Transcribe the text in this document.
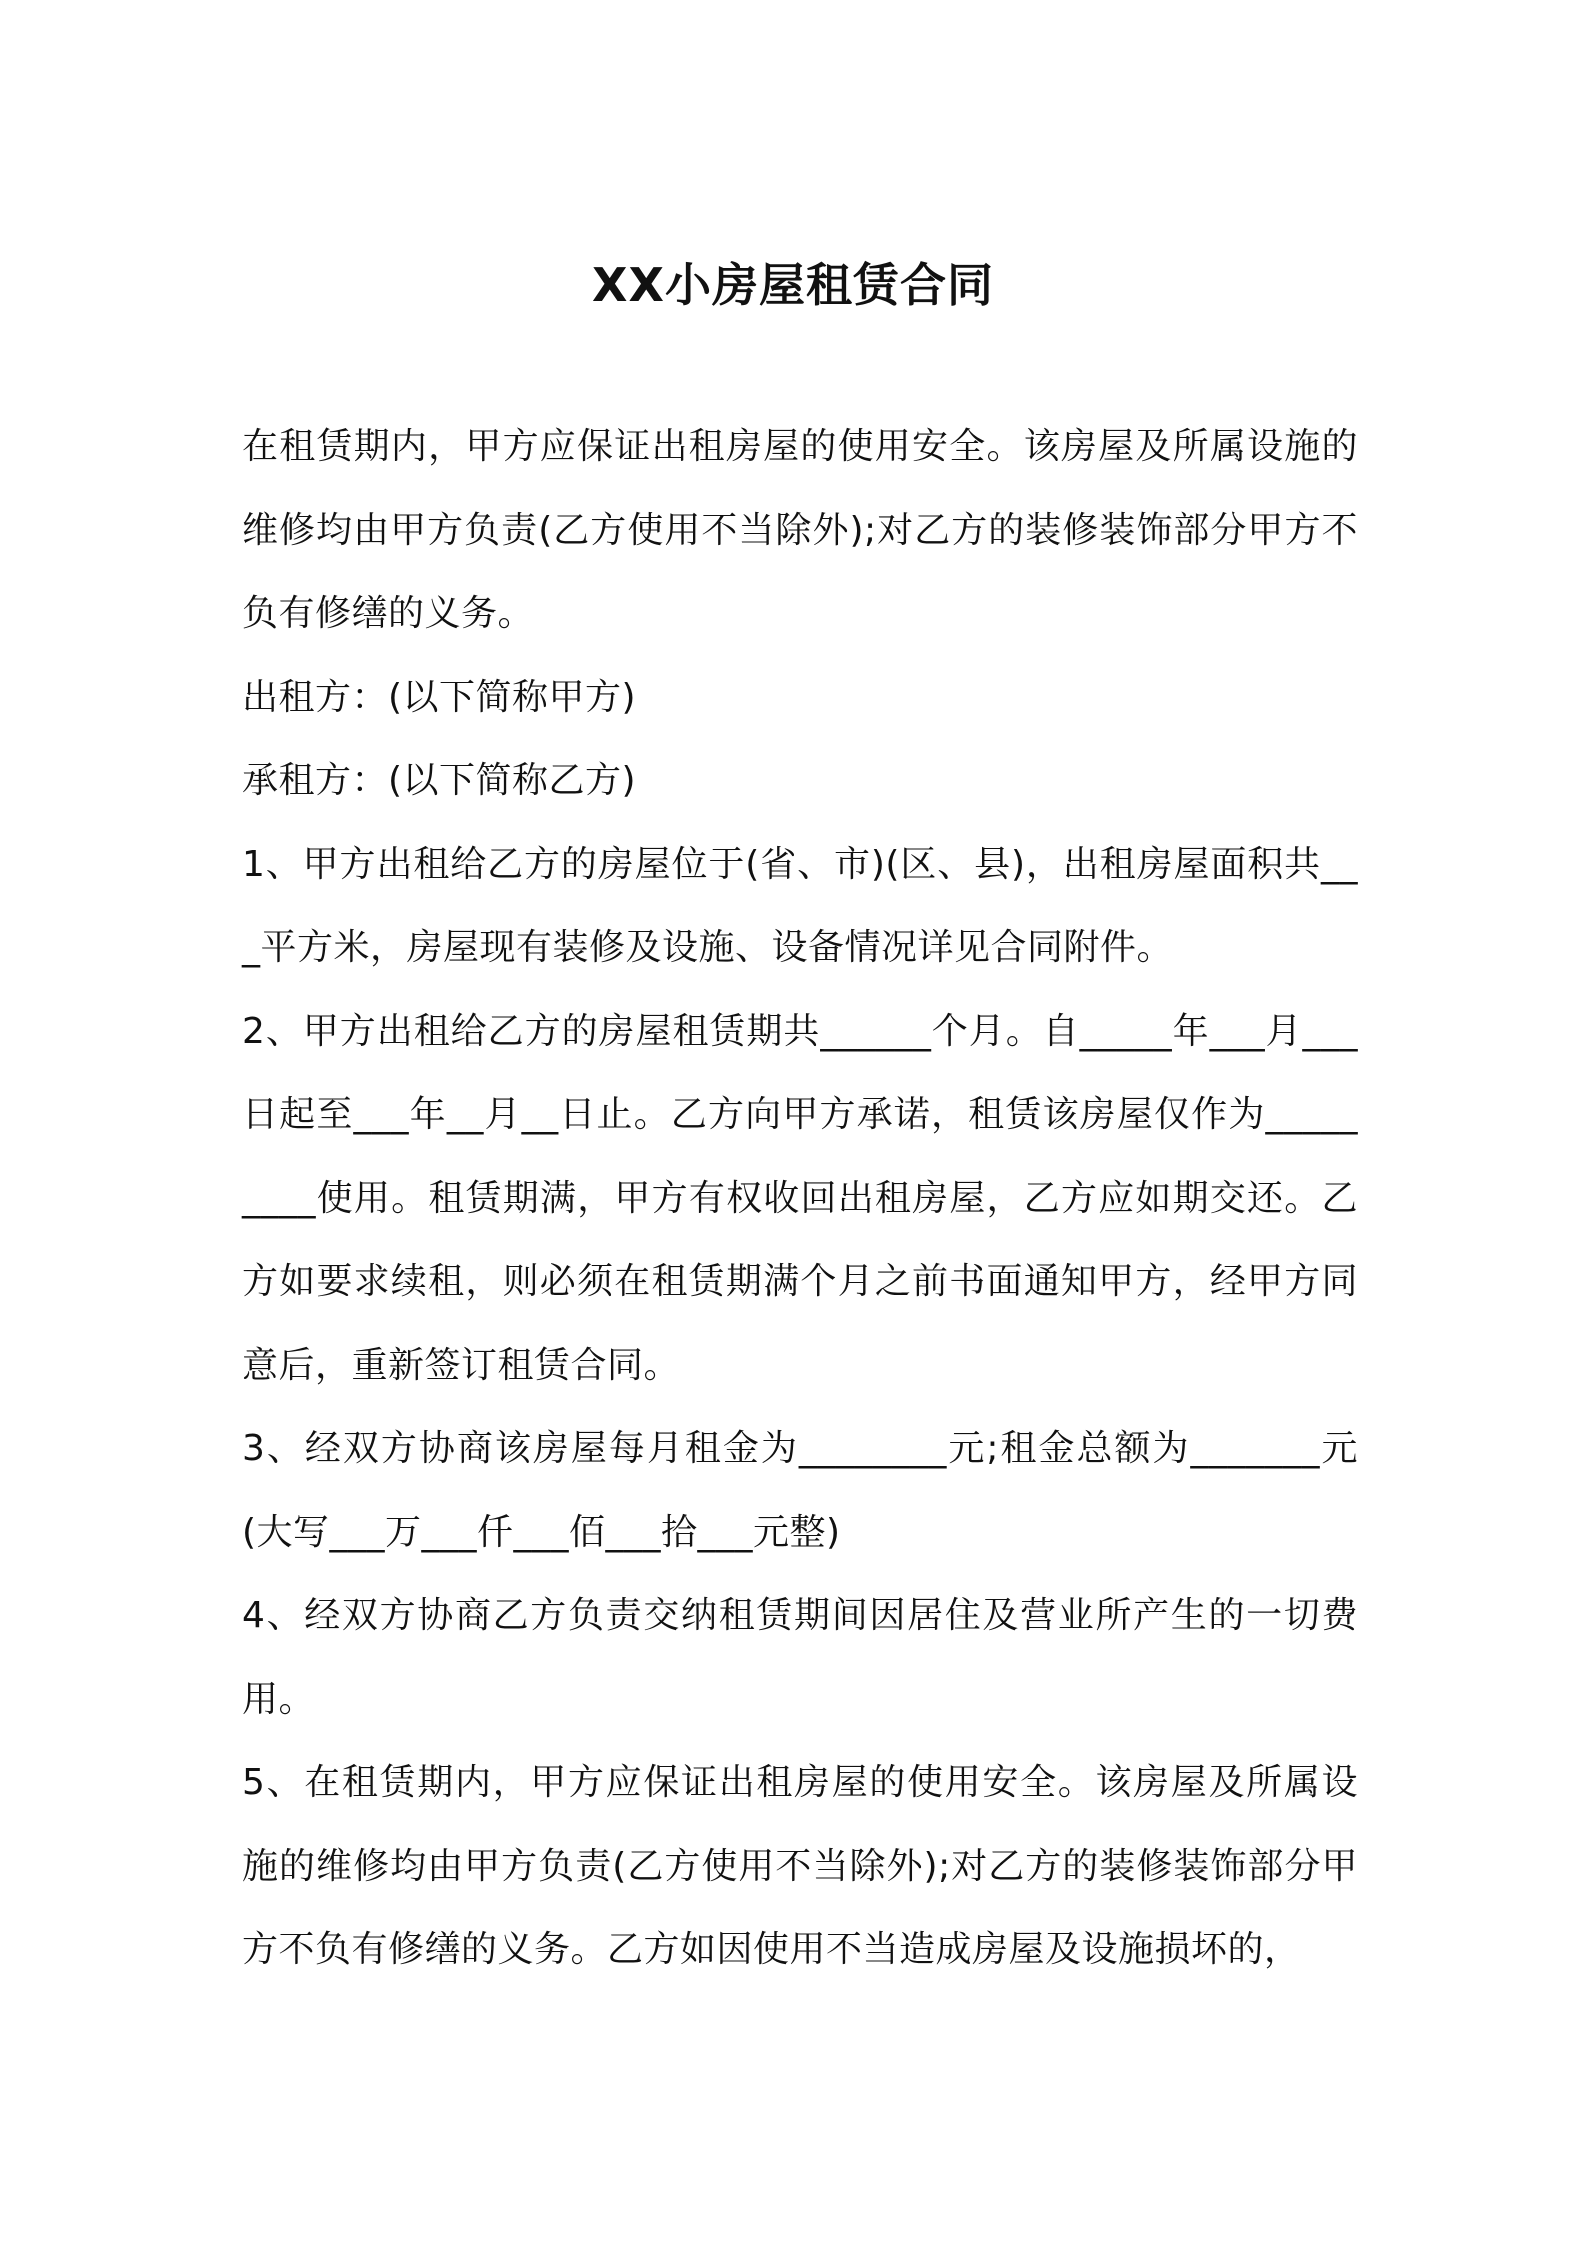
XX小房屋租赁合同

在租赁期内，甲方应保证出租房屋的使用安全。该房屋及所属设施的维修均由甲方负责(乙方使用不当除外);对乙方的装修装饰部分甲方不负有修缮的义务。

出租方：(以下简称甲方)

承租方：(以下简称乙方)

1、甲方出租给乙方的房屋位于(省、市)(区、县)，出租房屋面积共___平方米，房屋现有装修及设施、设备情况详见合同附件。

2、甲方出租给乙方的房屋租赁期共______个月。自_____年___月___日起至___年__月__日止。乙方向甲方承诺，租赁该房屋仅作为_________使用。租赁期满，甲方有权收回出租房屋，乙方应如期交还。乙方如要求续租，则必须在租赁期满个月之前书面通知甲方，经甲方同意后，重新签订租赁合同。

3、经双方协商该房屋每月租金为________元;租金总额为_______元(大写___万___仟___佰___拾___元整)

4、经双方协商乙方负责交纳租赁期间因居住及营业所产生的一切费用。

5、在租赁期内，甲方应保证出租房屋的使用安全。该房屋及所属设施的维修均由甲方负责(乙方使用不当除外);对乙方的装修装饰部分甲方不负有修缮的义务。乙方如因使用不当造成房屋及设施损坏的，
